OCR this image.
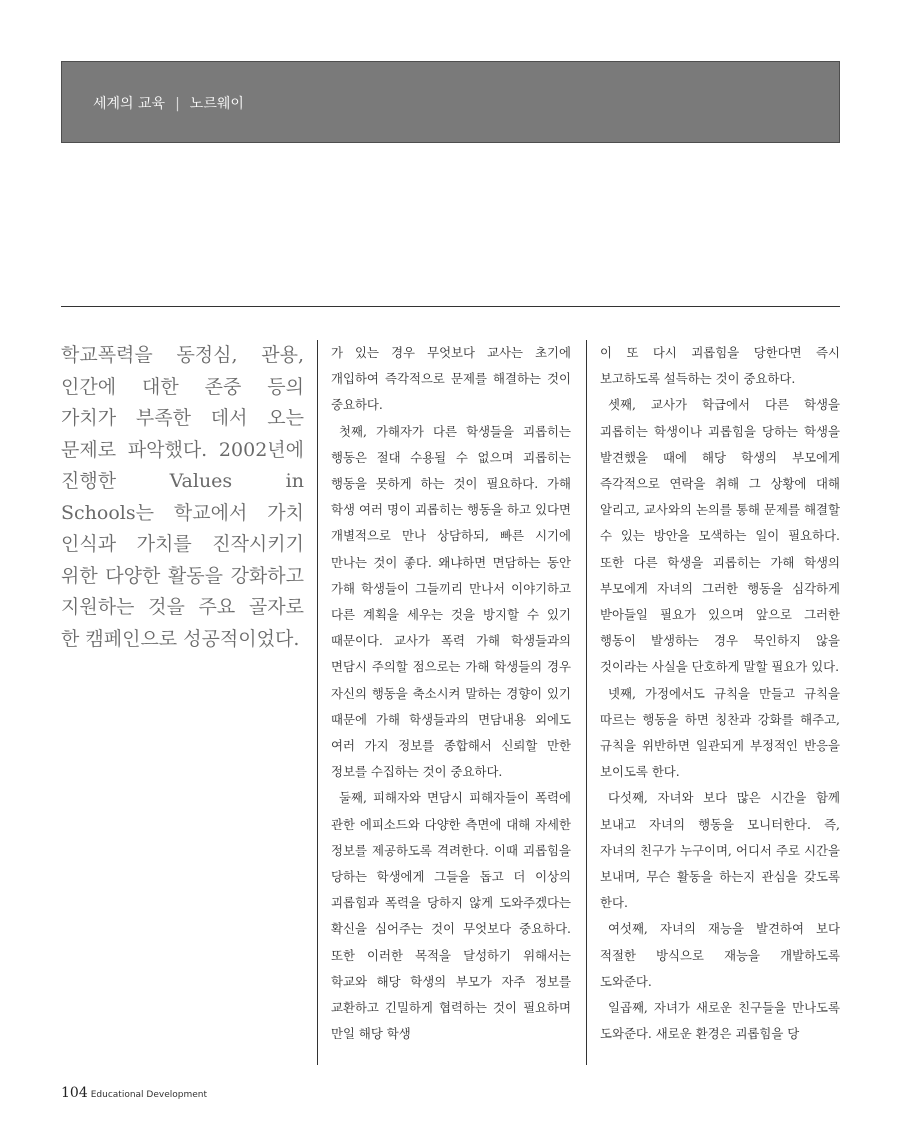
세계의 교육 | 노르웨이
학교폭력을 동정심, 관용, 인간에 대한 존중 등의 가치가 부족한 데서 오는 문제로 파악했다. 2002년에 진행한 Values in Schools는 학교에서 가치 인식과 가치를 진작시키기 위한 다양한 활동을 강화하고 지원하는 것을 주요 골자로 한 캠페인으로 성공적이었다.

가 있는 경우 무엇보다 교사는 초기에 개입하여 즉각적으로 문제를 해결하는 것이 중요하다.

첫째, 가해자가 다른 학생들을 괴롭히는 행동은 절대 수용될 수 없으며 괴롭히는 행동을 못하게 하는 것이 필요하다. 가해 학생 여러 명이 괴롭히는 행동을 하고 있다면 개별적으로 만나 상담하되, 빠른 시기에 만나는 것이 좋다. 왜냐하면 면담하는 동안 가해 학생들이 그들끼리 만나서 이야기하고 다른 계획을 세우는 것을 방지할 수 있기 때문이다. 교사가 폭력 가해 학생들과의 면담시 주의할 점으로는 가해 학생들의 경우 자신의 행동을 축소시켜 말하는 경향이 있기 때문에 가해 학생들과의 면담내용 외에도 여러 가지 정보를 종합해서 신뢰할 만한 정보를 수집하는 것이 중요하다.

둘째, 피해자와 면담시 피해자들이 폭력에 관한 에피소드와 다양한 측면에 대해 자세한 정보를 제공하도록 격려한다. 이때 괴롭힘을 당하는 학생에게 그들을 돕고 더 이상의 괴롭힘과 폭력을 당하지 않게 도와주겠다는 확신을 심어주는 것이 무엇보다 중요하다. 또한 이러한 목적을 달성하기 위해서는 학교와 해당 학생의 부모가 자주 정보를 교환하고 긴밀하게 협력하는 것이 필요하며 만일 해당 학생

이 또 다시 괴롭힘을 당한다면 즉시 보고하도록 설득하는 것이 중요하다.

셋째, 교사가 학급에서 다른 학생을 괴롭히는 학생이나 괴롭힘을 당하는 학생을 발견했을 때에 해당 학생의 부모에게 즉각적으로 연락을 취해 그 상황에 대해 알리고, 교사와의 논의를 통해 문제를 해결할 수 있는 방안을 모색하는 일이 필요하다. 또한 다른 학생을 괴롭히는 가해 학생의 부모에게 자녀의 그러한 행동을 심각하게 받아들일 필요가 있으며 앞으로 그러한 행동이 발생하는 경우 묵인하지 않을 것이라는 사실을 단호하게 말할 필요가 있다.

넷째, 가정에서도 규칙을 만들고 규칙을 따르는 행동을 하면 칭찬과 강화를 해주고, 규칙을 위반하면 일관되게 부정적인 반응을 보이도록 한다.

다섯째, 자녀와 보다 많은 시간을 함께 보내고 자녀의 행동을 모니터한다. 즉, 자녀의 친구가 누구이며, 어디서 주로 시간을 보내며, 무슨 활동을 하는지 관심을 갖도록 한다.

여섯째, 자녀의 재능을 발견하여 보다 적절한 방식으로 재능을 개발하도록 도와준다.

일곱째, 자녀가 새로운 친구들을 만나도록 도와준다. 새로운 환경은 괴롭힘을 당

104 Educational Development
